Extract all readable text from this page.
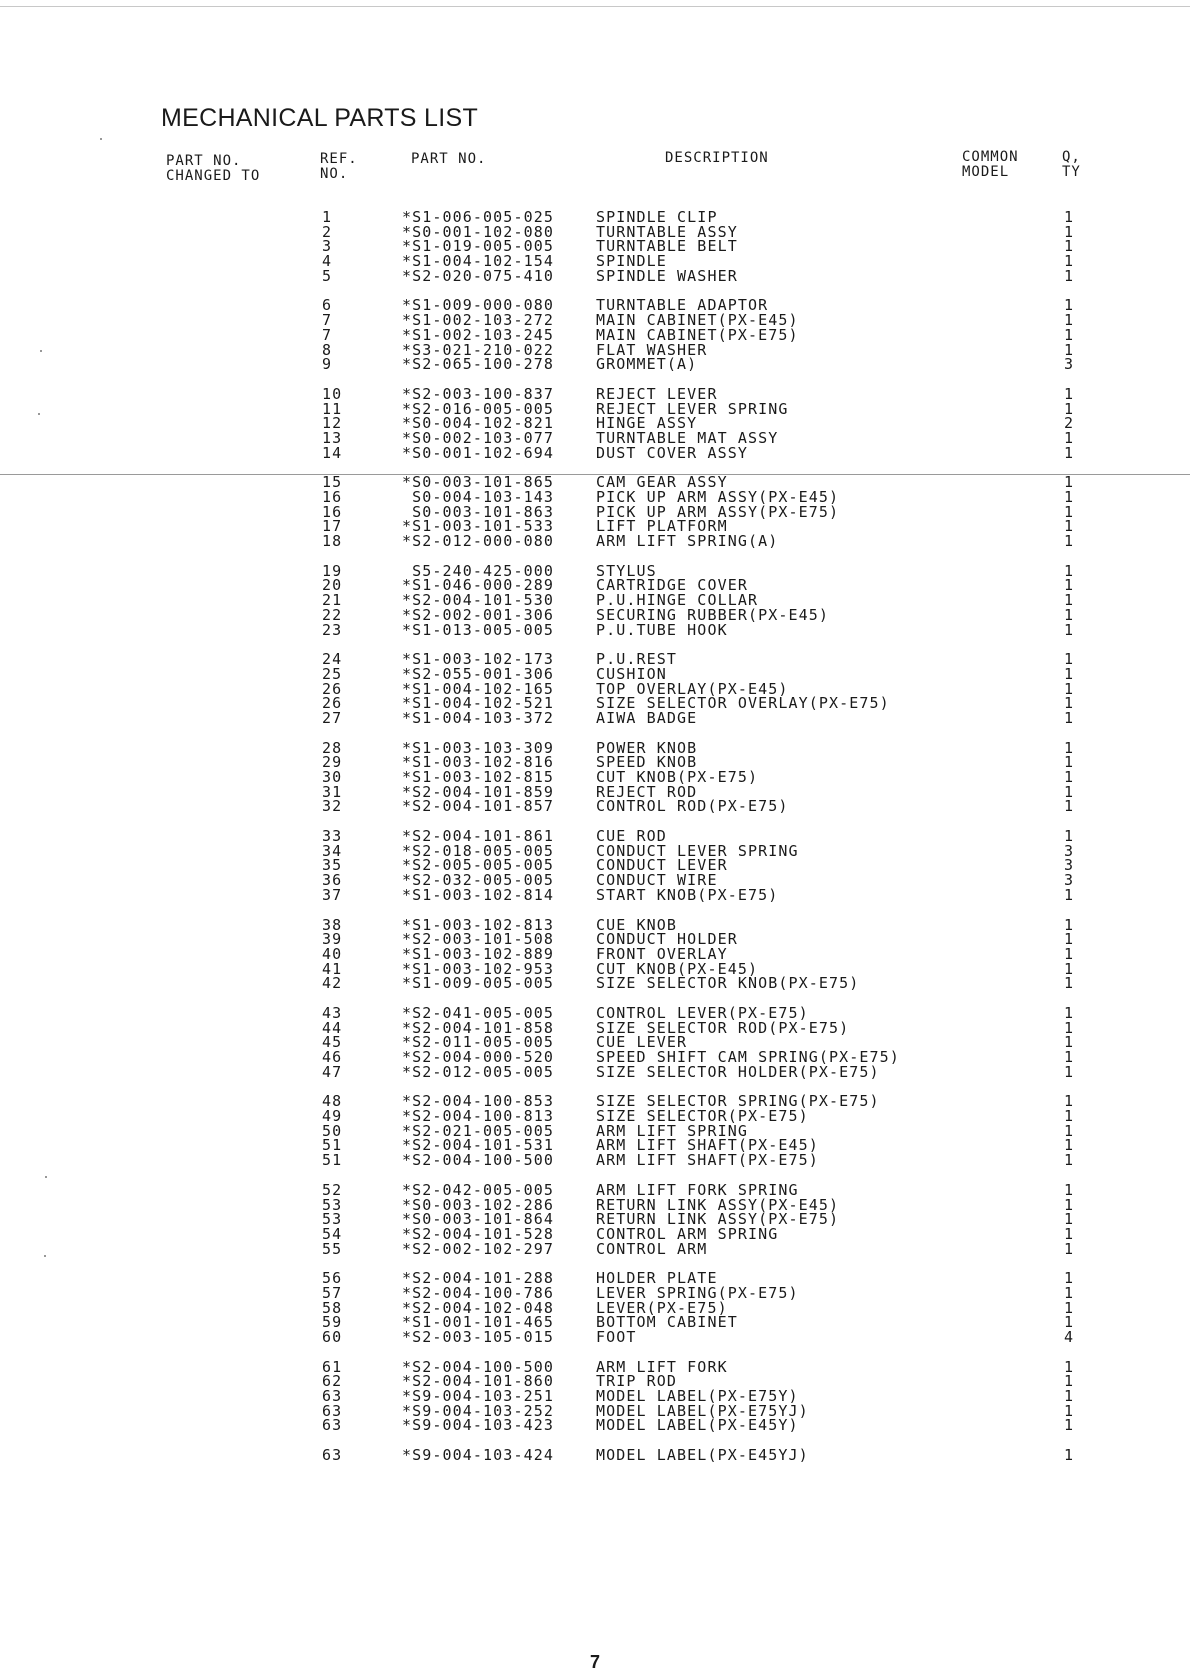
MECHANICAL PARTS LIST
PART NO.
CHANGED TO
REF.
NO.
PART NO.	DESCRIPTION	COMMON
MODEL
Q,
TY
1	*S1-006-005-025	SPINDLE CLIP	1
2	*S0-001-102-080	TURNTABLE ASSY	1
3	*S1-019-005-005	TURNTABLE BELT	1
4	*S1-004-102-154	SPINDLE	1
5	*S2-020-075-410	SPINDLE WASHER	1
6	*S1-009-000-080	TURNTABLE ADAPTOR	1
7	*S1-002-103-272	MAIN CABINET(PX-E45)	1
7	*S1-002-103-245	MAIN CABINET(PX-E75)	1
8	*S3-021-210-022	FLAT WASHER	1
9	*S2-065-100-278	GROMMET(A)	3
10	*S2-003-100-837	REJECT LEVER	1
11	*S2-016-005-005	REJECT LEVER SPRING	1
12	*S0-004-102-821	HINGE ASSY	2
13	*S0-002-103-077	TURNTABLE MAT ASSY	1
14	*S0-001-102-694	DUST COVER ASSY	1
15	*S0-003-101-865	CAM GEAR ASSY	1
16	S0-004-103-143	PICK UP ARM ASSY(PX-E45)	1
16	S0-003-101-863	PICK UP ARM ASSY(PX-E75)	1
17	*S1-003-101-533	LIFT PLATFORM	1
18	*S2-012-000-080	ARM LIFT SPRING(A)	1
19	S5-240-425-000	STYLUS	1
20	*S1-046-000-289	CARTRIDGE COVER	1
21	*S2-004-101-530	P.U.HINGE COLLAR	1
22	*S2-002-001-306	SECURING RUBBER(PX-E45)	1
23	*S1-013-005-005	P.U.TUBE HOOK	1
24	*S1-003-102-173	P.U.REST	1
25	*S2-055-001-306	CUSHION	1
26	*S1-004-102-165	TOP OVERLAY(PX-E45)	1
26	*S1-004-102-521	SIZE SELECTOR OVERLAY(PX-E75)	1
27	*S1-004-103-372	AIWA BADGE	1
28	*S1-003-103-309	POWER KNOB	1
29	*S1-003-102-816	SPEED KNOB	1
30	*S1-003-102-815	CUT KNOB(PX-E75)	1
31	*S2-004-101-859	REJECT ROD	1
32	*S2-004-101-857	CONTROL ROD(PX-E75)	1
33	*S2-004-101-861	CUE ROD	1
34	*S2-018-005-005	CONDUCT LEVER SPRING	3
35	*S2-005-005-005	CONDUCT LEVER	3
36	*S2-032-005-005	CONDUCT WIRE	3
37	*S1-003-102-814	START KNOB(PX-E75)	1
38	*S1-003-102-813	CUE KNOB	1
39	*S2-003-101-508	CONDUCT HOLDER	1
40	*S1-003-102-889	FRONT OVERLAY	1
41	*S1-003-102-953	CUT KNOB(PX-E45)	1
42	*S1-009-005-005	SIZE SELECTOR KNOB(PX-E75)	1
43	*S2-041-005-005	CONTROL LEVER(PX-E75)	1
44	*S2-004-101-858	SIZE SELECTOR ROD(PX-E75)	1
45	*S2-011-005-005	CUE LEVER	1
46	*S2-004-000-520	SPEED SHIFT CAM SPRING(PX-E75)	1
47	*S2-012-005-005	SIZE SELECTOR HOLDER(PX-E75)	1
48	*S2-004-100-853	SIZE SELECTOR SPRING(PX-E75)	1
49	*S2-004-100-813	SIZE SELECTOR(PX-E75)	1
50	*S2-021-005-005	ARM LIFT SPRING	1
51	*S2-004-101-531	ARM LIFT SHAFT(PX-E45)	1
51	*S2-004-100-500	ARM LIFT SHAFT(PX-E75)	1
52	*S2-042-005-005	ARM LIFT FORK SPRING	1
53	*S0-003-102-286	RETURN LINK ASSY(PX-E45)	1
53	*S0-003-101-864	RETURN LINK ASSY(PX-E75)	1
54	*S2-004-101-528	CONTROL ARM SPRING	1
55	*S2-002-102-297	CONTROL ARM	1
56	*S2-004-101-288	HOLDER PLATE	1
57	*S2-004-100-786	LEVER SPRING(PX-E75)	1
58	*S2-004-102-048	LEVER(PX-E75)	1
59	*S1-001-101-465	BOTTOM CABINET	1
60	*S2-003-105-015	FOOT	4
61	*S2-004-100-500	ARM LIFT FORK	1
62	*S2-004-101-860	TRIP ROD	1
63	*S9-004-103-251	MODEL LABEL(PX-E75Y)	1
63	*S9-004-103-252	MODEL LABEL(PX-E75YJ)	1
63	*S9-004-103-423	MODEL LABEL(PX-E45Y)	1
63	*S9-004-103-424	MODEL LABEL(PX-E45YJ)	1
7
